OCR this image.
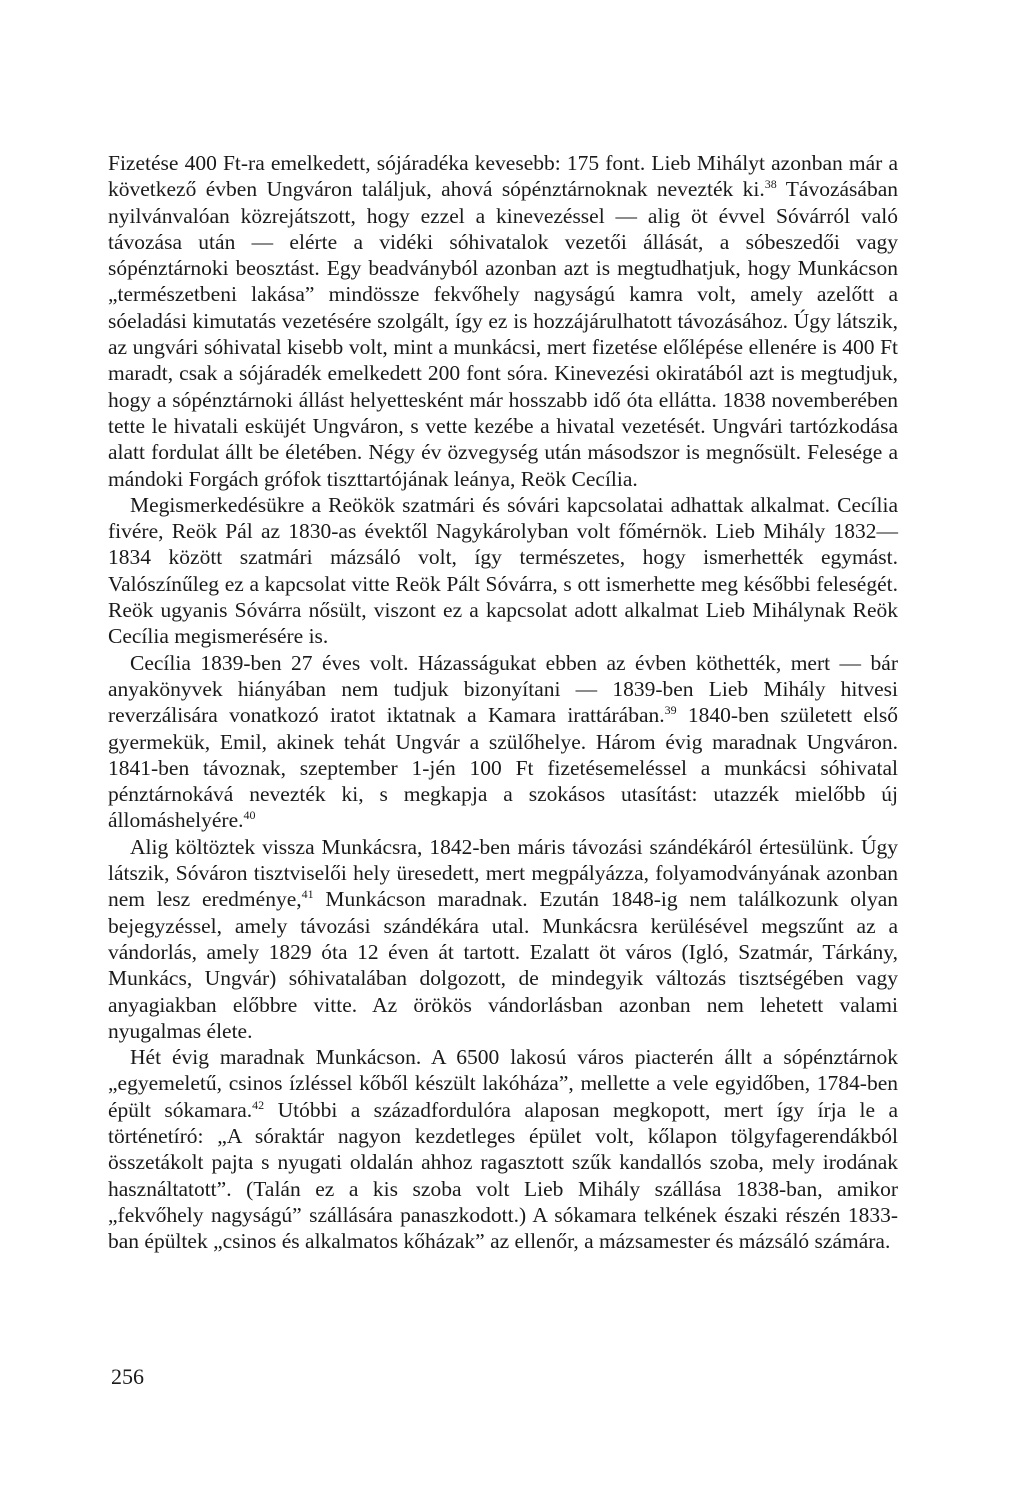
Fizetése 400 Ft-ra emelkedett, sójáradéka kevesebb: 175 font. Lieb Mihályt azonban már a következő évben Ungváron találjuk, ahová sópénztárnoknak nevezték ki.$^{38}$ Távozásában nyilvánvalóan közrejátszott, hogy ezzel a kinevezéssel — alig öt évvel Sóvárról való távozása után — elérte a vidéki sóhivatalok vezetői állását, a sóbeszedői vagy sópénztárnoki beosztást. Egy beadványból azonban azt is megtudhatjuk, hogy Munkácson „természetbeni lakása” mindössze fekvőhely nagyságú kamra volt, amely azelőtt a sóeladási kimutatás vezetésére szolgált, így ez is hozzájárulhatott távozásához. Úgy látszik, az ungvári sóhivatal kisebb volt, mint a munkácsi, mert fizetése előlépése ellenére is 400 Ft maradt, csak a sójáradék emelkedett 200 font sóra. Kinevezési okiratából azt is megtudjuk, hogy a sópénztárnoki állást helyettesként már hosszabb idő óta ellátta. 1838 novemberében tette le hivatali esküjét Ungváron, s vette kezébe a hivatal vezetését. Ungvári tartózkodása alatt fordulat állt be életében. Négy év özvegység után másodszor is megnősült. Felesége a mándoki Forgách grófok tiszttartójának leánya, Reök Cecília.

Megismerkedésükre a Reökök szatmári és sóvári kapcsolatai adhattak alkalmat. Cecília fivére, Reök Pál az 1830-as évektől Nagykárolyban volt főmérnök. Lieb Mihály 1832—1834 között szatmári mázsáló volt, így természetes, hogy ismerhették egymást. Valószínűleg ez a kapcsolat vitte Reök Pált Sóvárra, s ott ismerhette meg későbbi feleségét. Reök ugyanis Sóvárra nősült, viszont ez a kapcsolat adott alkalmat Lieb Mihálynak Reök Cecília megismerésére is.

Cecília 1839-ben 27 éves volt. Házasságukat ebben az évben köthették, mert — bár anyakönyvek hiányában nem tudjuk bizonyítani — 1839-ben Lieb Mihály hitvesi reverzálisára vonatkozó iratot iktatnak a Kamara irattárában.$^{39}$ 1840-ben született első gyermekük, Emil, akinek tehát Ungvár a szülőhelye. Három évig maradnak Ungváron. 1841-ben távoznak, szeptember 1-jén 100 Ft fizetésemeléssel a munkácsi sóhivatal pénztárnokává nevezték ki, s megkapja a szokásos utasítást: utazzék mielőbb új állomáshelyére.$^{40}$

Alig költöztek vissza Munkácsra, 1842-ben máris távozási szándékáról értesülünk. Úgy látszik, Sóváron tisztviselői hely üresedett, mert megpályázza, folyamodványának azonban nem lesz eredménye,$^{41}$ Munkácson maradnak. Ezután 1848-ig nem találkozunk olyan bejegyzéssel, amely távozási szándékára utal. Munkácsra kerülésével megszűnt az a vándorlás, amely 1829 óta 12 éven át tartott. Ezalatt öt város (Igló, Szatmár, Tárkány, Munkács, Ungvár) sóhivatalában dolgozott, de mindegyik változás tisztségében vagy anyagiakban előbbre vitte. Az örökös vándorlásban azonban nem lehetett valami nyugalmas élete.

Hét évig maradnak Munkácson. A 6500 lakosú város piacterén állt a sópénztárnok „egyemeletű, csinos ízléssel kőből készült lakóháza”, mellette a vele egyidőben, 1784-ben épült sókamara.$^{42}$ Utóbbi a századfordulóra alaposan megkopott, mert így írja le a történetíró: „A sóraktár nagyon kezdetleges épület volt, kőlapon tölgyfagerendákból összetákolt pajta s nyugati oldalán ahhoz ragasztott szűk kandallós szoba, mely irodának használtatott”. (Talán ez a kis szoba volt Lieb Mihály szállása 1838-ban, amikor „fekvőhely nagyságú” szállására panaszkodott.) A sókamara telkének északi részén 1833-ban épültek „csinos és alkalmatos kőházak” az ellenőr, a mázsamester és mázsáló számára.

256
